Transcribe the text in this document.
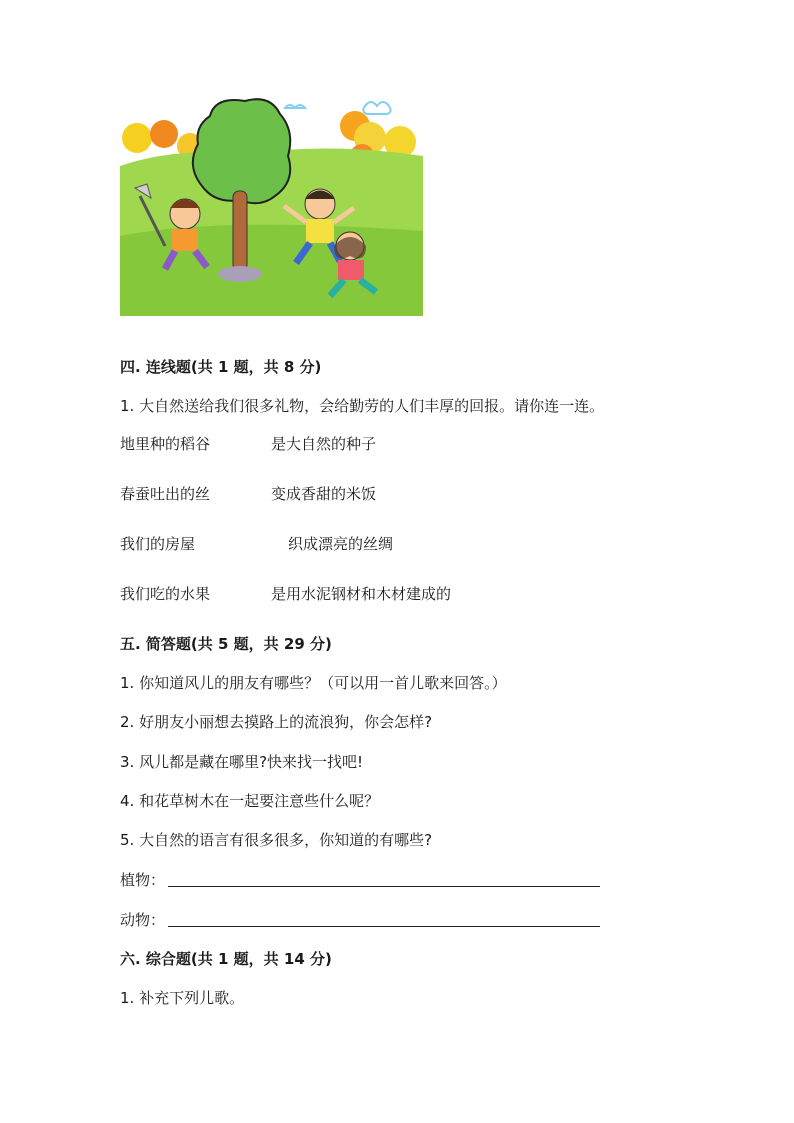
四. 连线题(共 1 题，共 8 分)
1. 大自然送给我们很多礼物，会给勤劳的人们丰厚的回报。请你连一连。
地里种的稻谷	是大自然的种子
春蚕吐出的丝	变成香甜的米饭
我们的房屋	织成漂亮的丝绸
我们吃的水果	是用水泥钢材和木材建成的
五. 简答题(共 5 题，共 29 分)
1. 你知道风儿的朋友有哪些？（可以用一首儿歌来回答。）
2. 好朋友小丽想去摸路上的流浪狗，你会怎样?
3. 风儿都是藏在哪里?快来找一找吧!
4. 和花草树木在一起要注意些什么呢？
5. 大自然的语言有很多很多，你知道的有哪些?
植物：
动物：
六. 综合题(共 1 题，共 14 分)
1. 补充下列儿歌。
